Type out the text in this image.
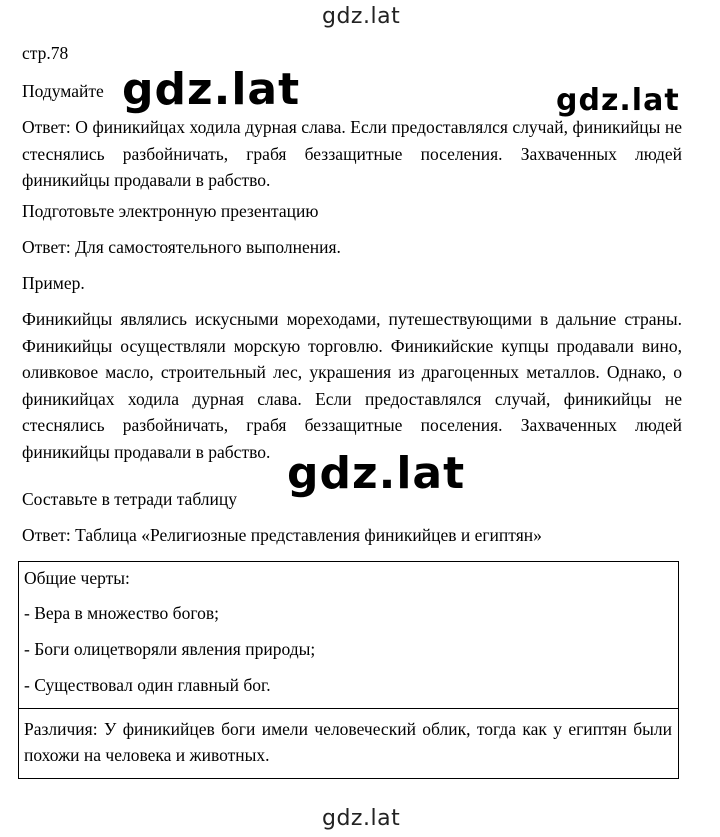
gdz.lat
gdz.lat
стр.78
Подумайте
Ответ: О финикийцах ходила дурная слава. Если предоставлялся случай, финикийцы не стеснялись разбойничать, грабя беззащитные поселения. Захваченных людей финикийцы продавали в рабство.
Подготовьте электронную презентацию
Ответ: Для самостоятельного выполнения.
Пример.
Финикийцы являлись искусными мореходами, путешествующими в дальние страны. Финикийцы осуществляли морскую торговлю. Финикийские купцы продавали вино, оливковое масло, строительный лес, украшения из драгоценных металлов. Однако, о финикийцах ходила дурная слава. Если предоставлялся случай, финикийцы не стеснялись разбойничать, грабя беззащитные поселения. Захваченных людей финикийцы продавали в рабство.
Составьте в тетради таблицу
Ответ: Таблица «Религиозные представления финикийцев и египтян»
Общие черты:
- Вера в множество богов;
- Боги олицетворяли явления природы;
- Существовал один главный бог.
Различия: У финикийцев боги имели человеческий облик, тогда как у египтян были похожи на человека и животных.
gdz.lat	gdz.lat
gdz.lat
